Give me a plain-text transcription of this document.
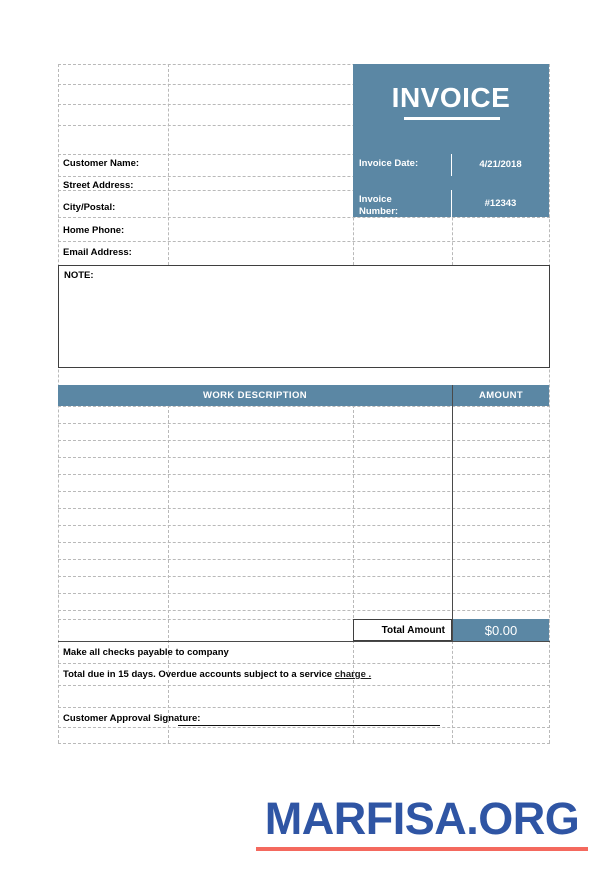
INVOICE
Invoice Date:	4/21/2018
Invoice
Number:
#12343
Customer Name:
Street Address:
City/Postal:
Home Phone:
Email Address:
NOTE:
WORK DESCRIPTION	AMOUNT
Total Amount	$0.00
Make all checks payable to company
Total due in 15 days. Overdue accounts subject to a service charge .
Customer Approval Signature:
MARFISA.ORG
